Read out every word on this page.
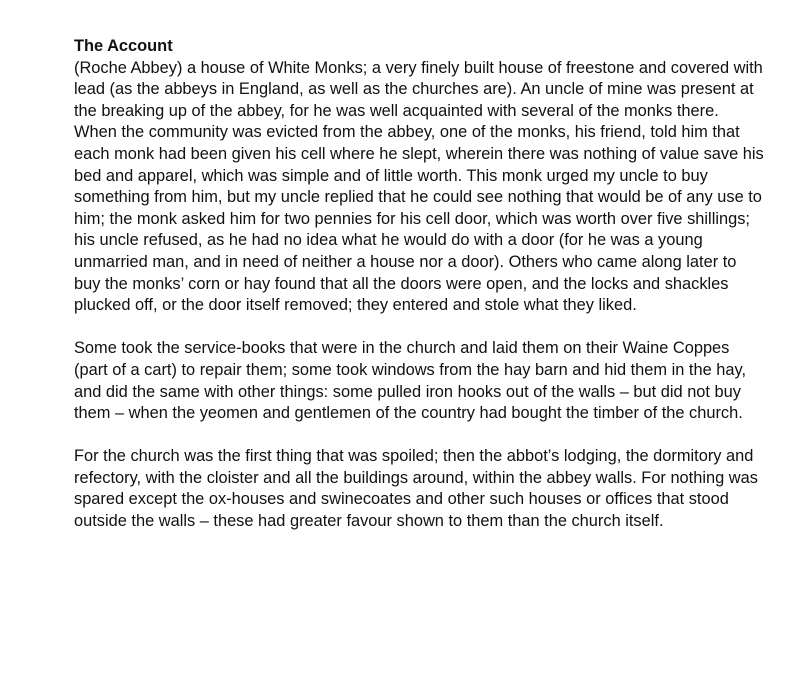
The Account

(Roche Abbey) a house of White Monks; a very finely built house of freestone and covered with lead (as the abbeys in England, as well as the churches are). An uncle of mine was present at the breaking up of the abbey, for he was well acquainted with several of the monks there. When the community was evicted from the abbey, one of the monks, his friend, told him that each monk had been given his cell where he slept, wherein there was nothing of value save his bed and apparel, which was simple and of little worth. This monk urged my uncle to buy something from him, but my uncle replied that he could see nothing that would be of any use to him; the monk asked him for two pennies for his cell door, which was worth over five shillings; his uncle refused, as he had no idea what he would do with a door (for he was a young unmarried man, and in need of neither a house nor a door). Others who came along later to buy the monks’ corn or hay found that all the doors were open, and the locks and shackles plucked off, or the door itself removed; they entered and stole what they liked.

Some took the service-books that were in the church and laid them on their Waine Coppes (part of a cart) to repair them; some took windows from the hay barn and hid them in the hay, and did the same with other things: some pulled iron hooks out of the walls – but did not buy them – when the yeomen and gentlemen of the country had bought the timber of the church.

For the church was the first thing that was spoiled; then the abbot’s lodging, the dormitory and refectory, with the cloister and all the buildings around, within the abbey walls. For nothing was spared except the ox-houses and swinecoates and other such houses or offices that stood outside the walls – these had greater favour shown to them than the church itself.
